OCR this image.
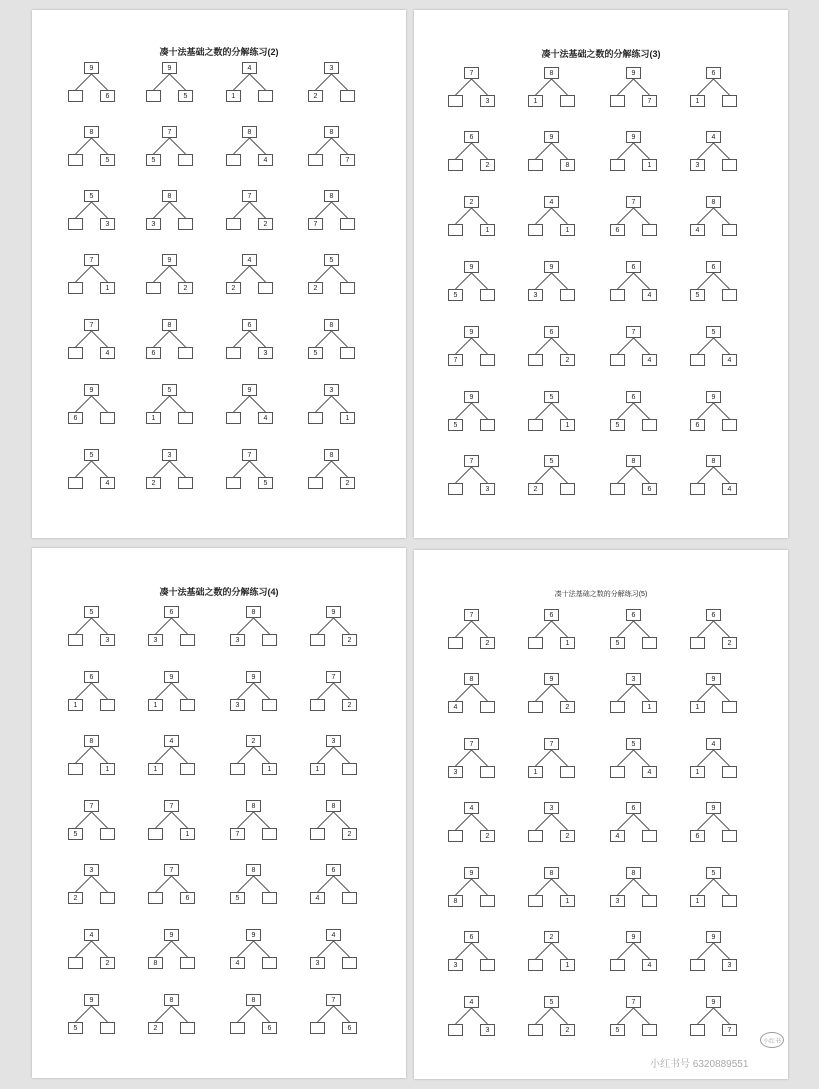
凑十法基础之数的分解练习(2)
9
6
9
5
4
1
3
2
8
5
7
5
8
4
8
7
5
3
8
3
7
2
8
7
7
1
9
2
4
2
5
2
7
4
8
6
6
3
8
5
9
6
5
1
9
4
3
1
5
4
3
2
7
5
8
2
凑十法基础之数的分解练习(3)
7
3
8
1
9
7
6
1
6
2
9
8
9
1
4
3
2
1
4
1
7
6
8
4
9
5
9
3
6
4
6
5
9
7
6
2
7
4
5
4
9
5
5
1
6
5
9
6
7
3
5
2
8
6
8
4
凑十法基础之数的分解练习(4)
5
3
6
3
8
3
9
2
6
1
9
1
9
3
7
2
8
1
4
1
2
1
3
1
7
5
7
1
8
7
8
2
3
2
7
6
8
5
6
4
4
2
9
8
9
4
4
3
9
5
8
2
8
6
7
6
凑十法基础之数的分解练习(5)
7
2
6
1
6
5
6
2
8
4
9
2
3
1
9
1
7
3
7
1
5
4
4
1
4
2
3
2
6
4
9
6
9
8
8
1
8
3
5
1
6
3
2
1
9
4
9
3
4
3
5
2
7
5
9
7
小红书
小红书号 6320889551
